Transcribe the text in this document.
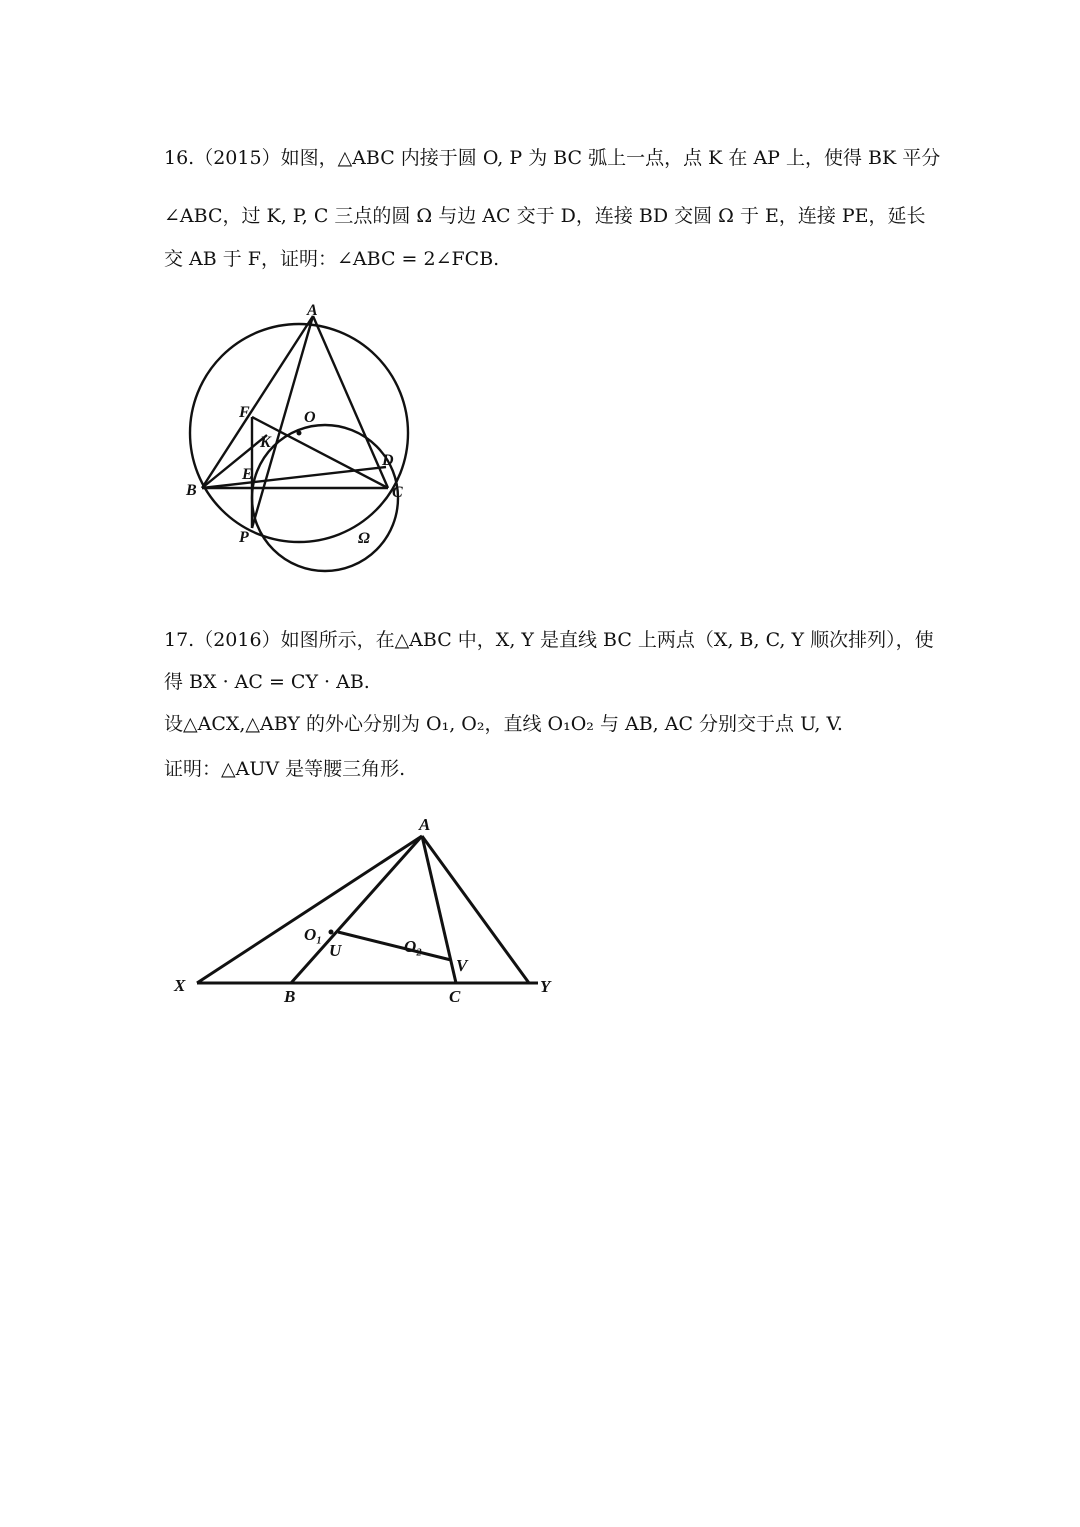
16.（2015）如图，△ABC 内接于圆 O, P 为 BC 弧上一点，点 K 在 AP 上，使得 BK 平分
∠ABC，过 K, P, C 三点的圆 Ω 与边 AC 交于 D，连接 BD 交圆 Ω 于 E，连接 PE，延长
交 AB 于 F，证明：∠ABC = 2∠FCB.
A
F	O
K
E
D
B	C
P	Ω
17.（2016）如图所示，在△ABC 中，X, Y 是直线 BC 上两点（X, B, C, Y 顺次排列），使
得 BX · AC = CY · AB.
设△ACX,△ABY 的外心分别为 O₁, O₂，直线 O₁O₂ 与 AB, AC 分别交于点 U, V.
证明：△AUV 是等腰三角形.
A
O₁
U	O₂
V
X
B	C
Y
